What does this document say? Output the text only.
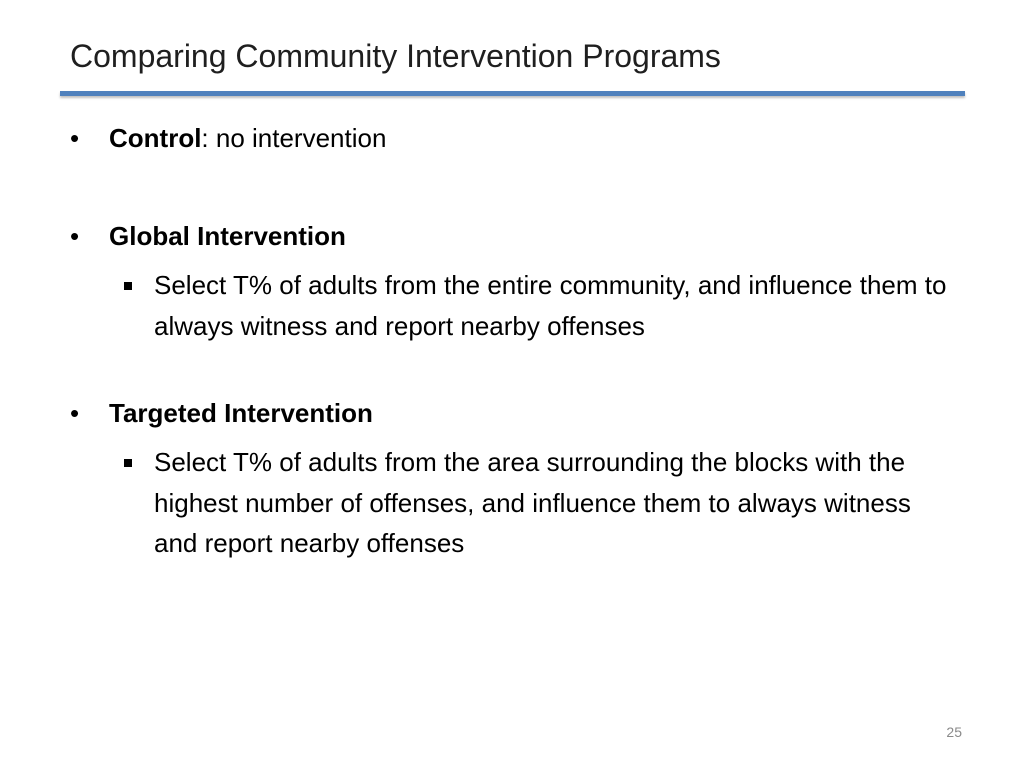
Comparing Community Intervention Programs
•	Control: no intervention
•	Global Intervention
Select T% of adults from the entire community, and influence them to always witness and report nearby offenses
•	Targeted Intervention
Select T% of adults from the area surrounding the blocks with the highest number of offenses, and influence them to always witness and report nearby offenses
25
